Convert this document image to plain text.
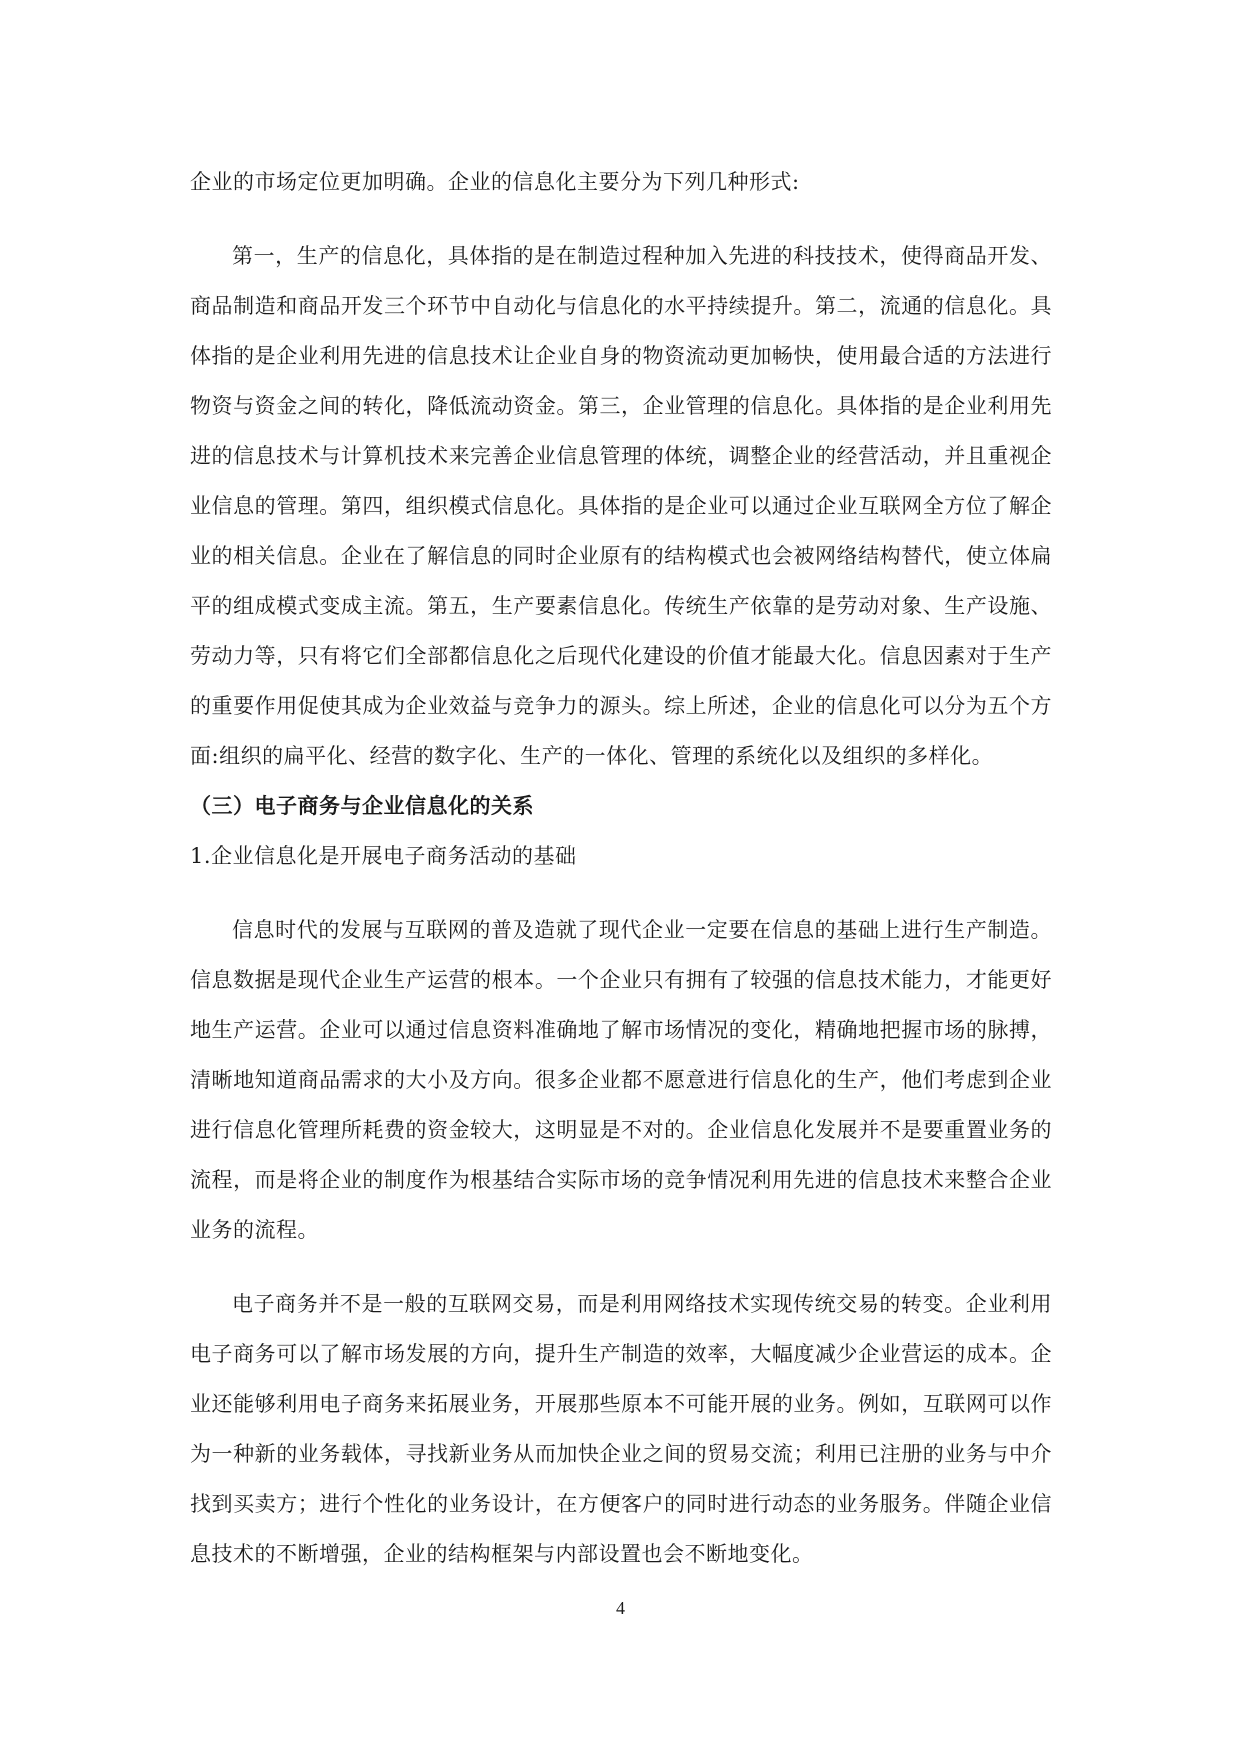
企业的市场定位更加明确。企业的信息化主要分为下列几种形式:

第一，生产的信息化，具体指的是在制造过程种加入先进的科技技术，使得商品开发、商品制造和商品开发三个环节中自动化与信息化的水平持续提升。第二，流通的信息化。具体指的是企业利用先进的信息技术让企业自身的物资流动更加畅快，使用最合适的方法进行物资与资金之间的转化，降低流动资金。第三，企业管理的信息化。具体指的是企业利用先进的信息技术与计算机技术来完善企业信息管理的体统，调整企业的经营活动，并且重视企业信息的管理。第四，组织模式信息化。具体指的是企业可以通过企业互联网全方位了解企业的相关信息。企业在了解信息的同时企业原有的结构模式也会被网络结构替代，使立体扁平的组成模式变成主流。第五，生产要素信息化。传统生产依靠的是劳动对象、生产设施、劳动力等，只有将它们全部都信息化之后现代化建设的价值才能最大化。信息因素对于生产的重要作用促使其成为企业效益与竞争力的源头。综上所述，企业的信息化可以分为五个方面:组织的扁平化、经营的数字化、生产的一体化、管理的系统化以及组织的多样化。

（三）电子商务与企业信息化的关系

1.企业信息化是开展电子商务活动的基础

信息时代的发展与互联网的普及造就了现代企业一定要在信息的基础上进行生产制造。信息数据是现代企业生产运营的根本。一个企业只有拥有了较强的信息技术能力，才能更好地生产运营。企业可以通过信息资料准确地了解市场情况的变化，精确地把握市场的脉搏，清晰地知道商品需求的大小及方向。很多企业都不愿意进行信息化的生产，他们考虑到企业进行信息化管理所耗费的资金较大，这明显是不对的。企业信息化发展并不是要重置业务的流程，而是将企业的制度作为根基结合实际市场的竞争情况利用先进的信息技术来整合企业业务的流程。

电子商务并不是一般的互联网交易，而是利用网络技术实现传统交易的转变。企业利用电子商务可以了解市场发展的方向，提升生产制造的效率，大幅度减少企业营运的成本。企业还能够利用电子商务来拓展业务，开展那些原本不可能开展的业务。例如，互联网可以作为一种新的业务载体，寻找新业务从而加快企业之间的贸易交流；利用已注册的业务与中介找到买卖方；进行个性化的业务设计，在方便客户的同时进行动态的业务服务。伴随企业信息技术的不断增强，企业的结构框架与内部设置也会不断地变化。

4
